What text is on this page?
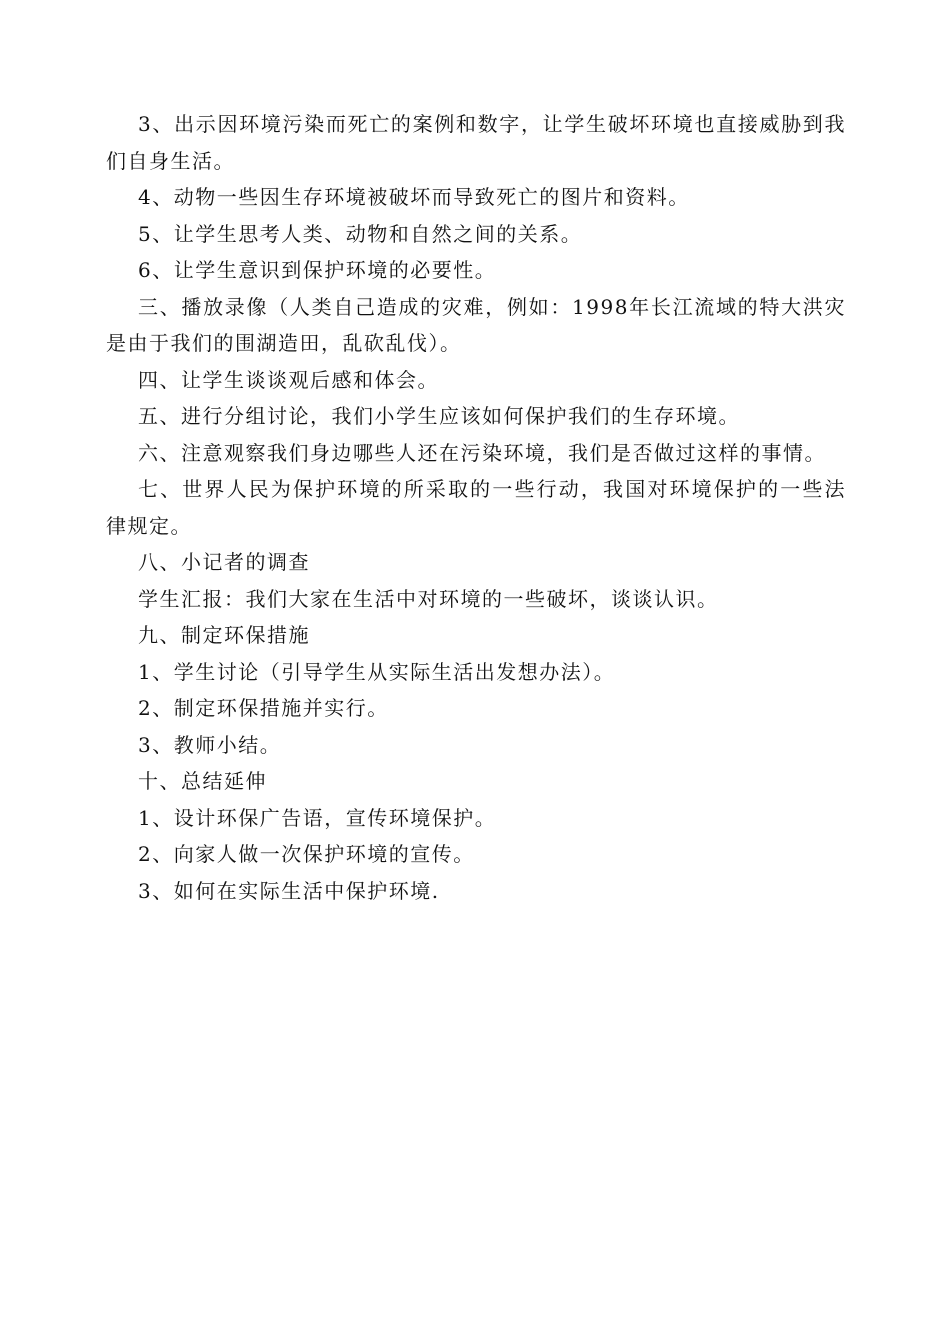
3、出示因环境污染而死亡的案例和数字，让学生破坏环境也直接威胁到我们自身生活。

4、动物一些因生存环境被破坏而导致死亡的图片和资料。

5、让学生思考人类、动物和自然之间的关系。

6、让学生意识到保护环境的必要性。

三、播放录像（人类自己造成的灾难，例如：1998年长江流域的特大洪灾是由于我们的围湖造田，乱砍乱伐）。

四、让学生谈谈观后感和体会。

五、进行分组讨论，我们小学生应该如何保护我们的生存环境。

六、注意观察我们身边哪些人还在污染环境，我们是否做过这样的事情。

七、世界人民为保护环境的所采取的一些行动，我国对环境保护的一些法律规定。

八、小记者的调查

学生汇报：我们大家在生活中对环境的一些破坏，谈谈认识。

九、制定环保措施

1、学生讨论（引导学生从实际生活出发想办法）。

2、制定环保措施并实行。

3、教师小结。

十、总结延伸

1、设计环保广告语，宣传环境保护。

2、向家人做一次保护环境的宣传。

3、如何在实际生活中保护环境.
